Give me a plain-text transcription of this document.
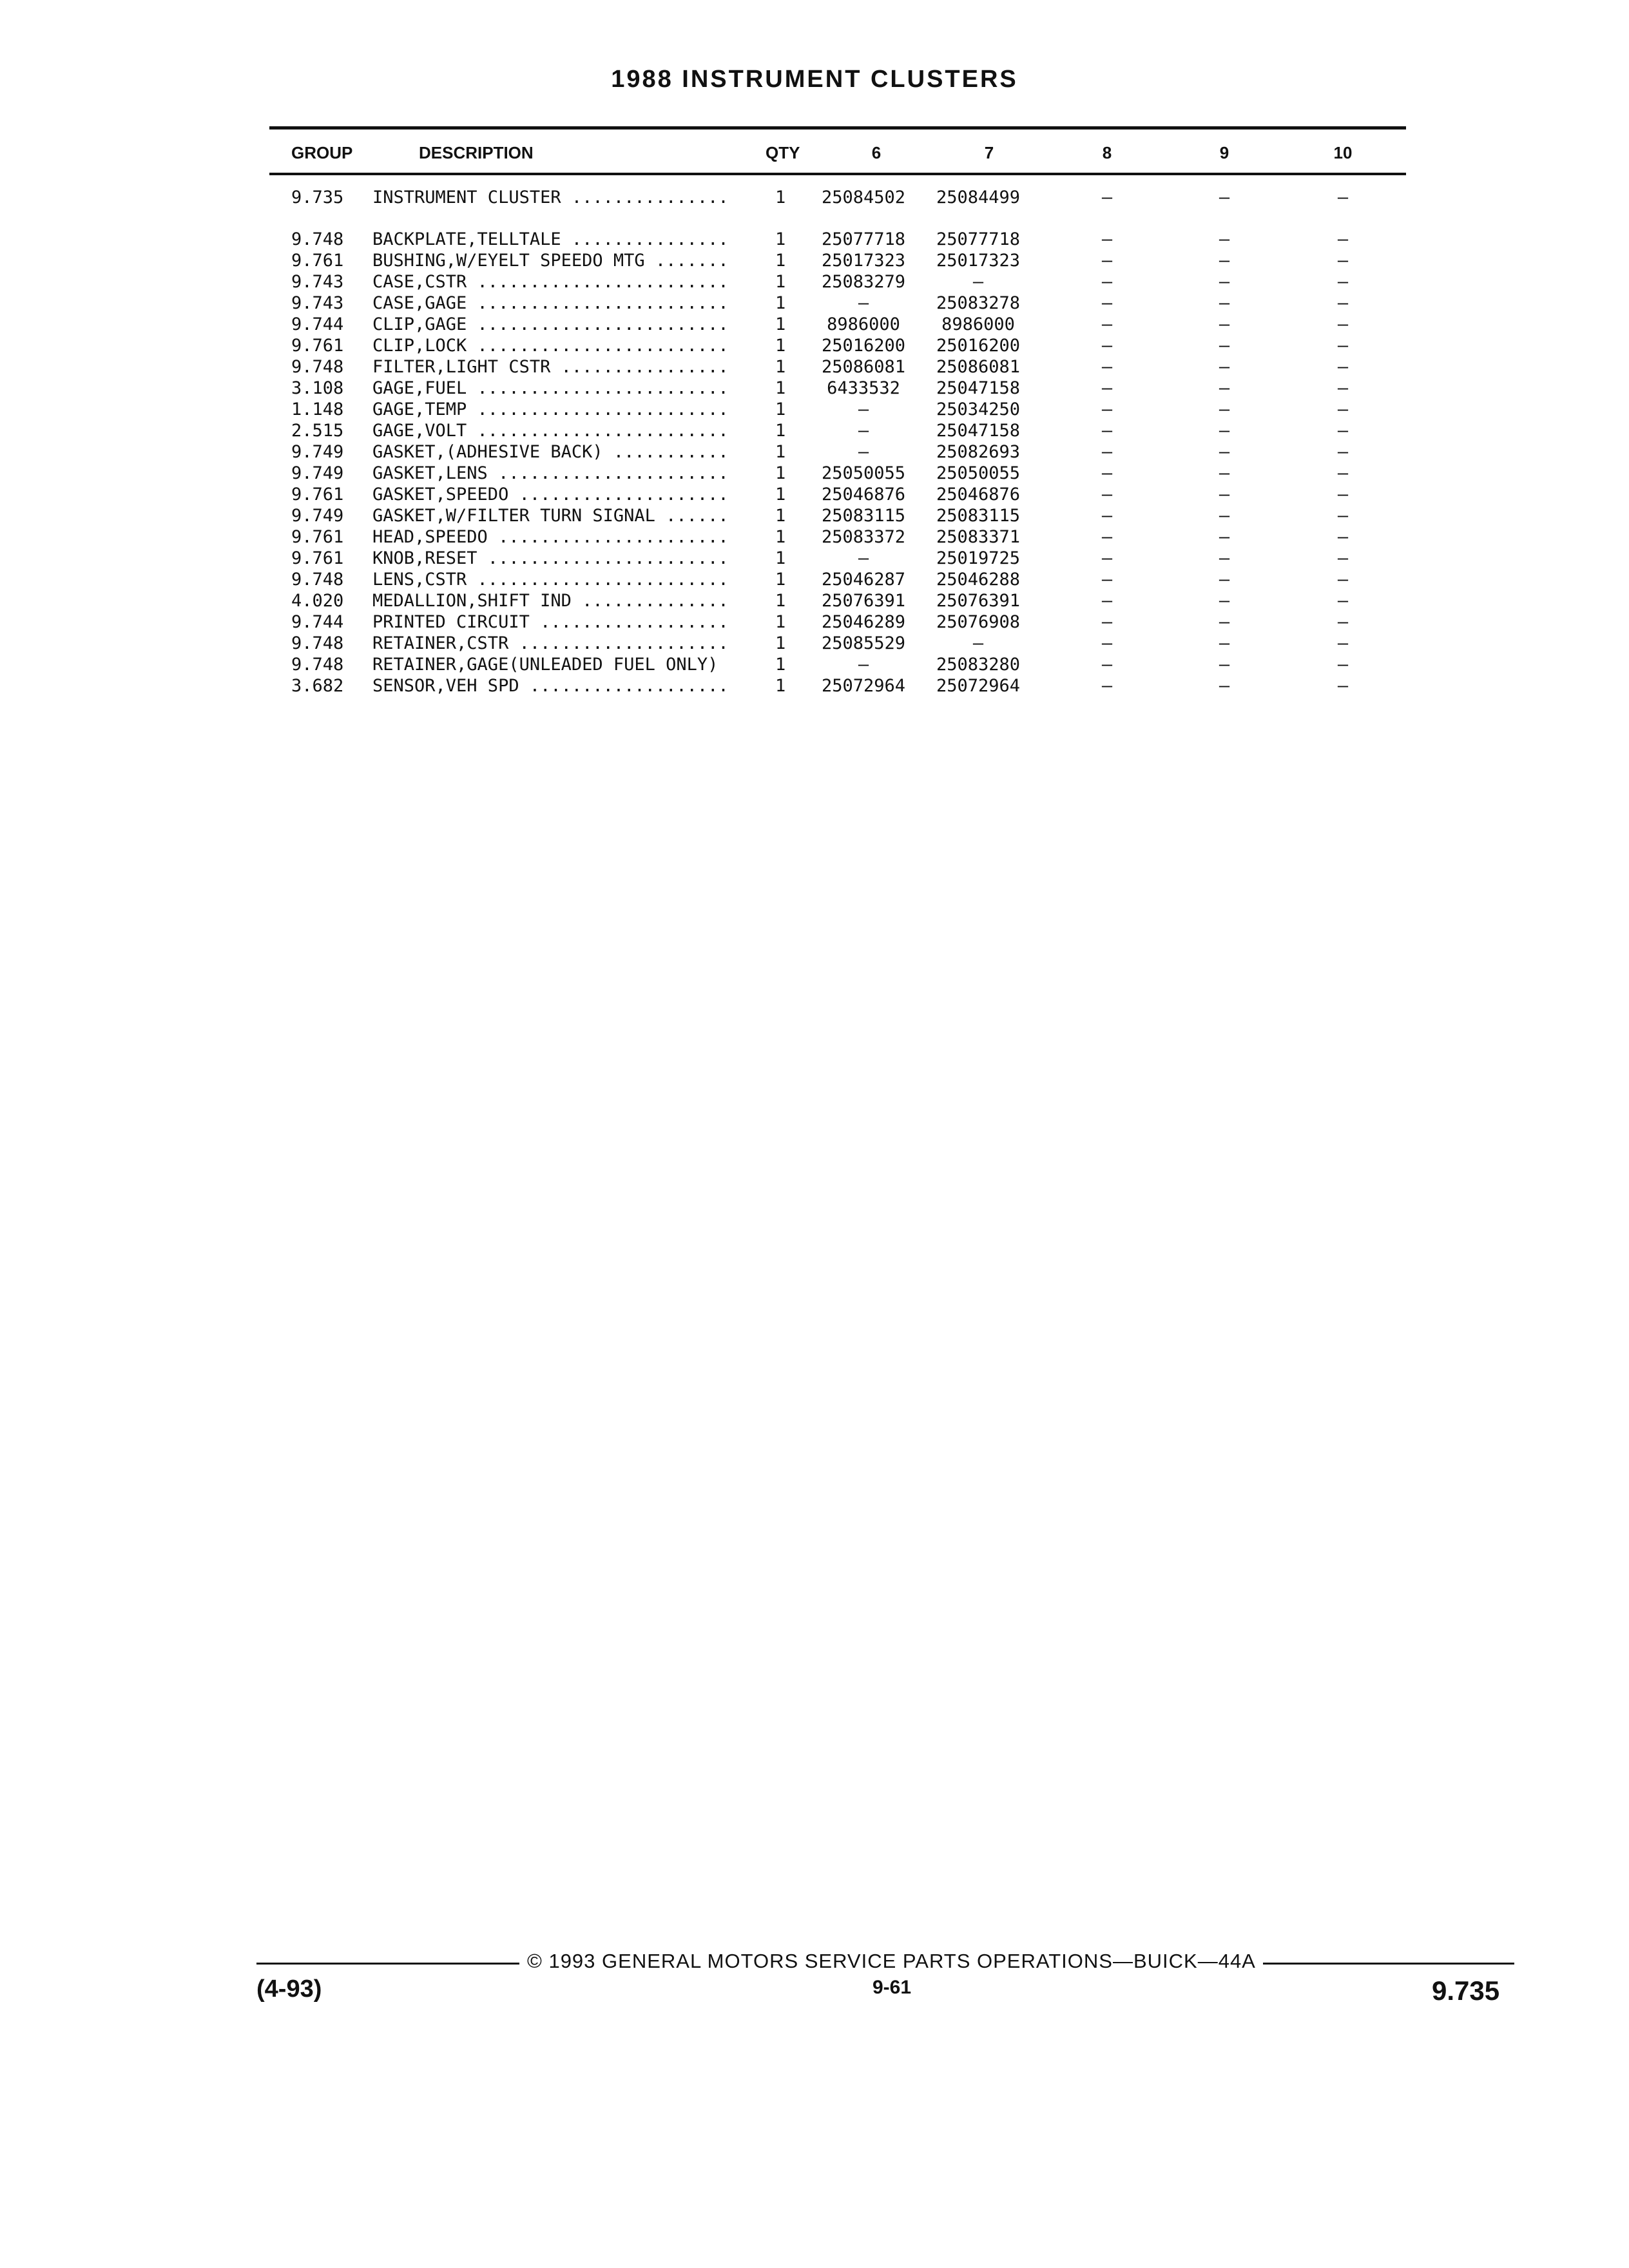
1988 INSTRUMENT CLUSTERS
GROUP	DESCRIPTION	QTY	6	7	8	9	10
9.735 INSTRUMENT CLUSTER ...............	1	25084502	25084499	—	—	—
9.748 BACKPLATE,TELLTALE ...............	1	25077718	25077718	—	—	—
9.761 BUSHING,W/EYELT SPEEDO MTG .......	1	25017323	25017323	—	—	—
9.743 CASE,CSTR ........................	1	25083279	—	—	—	—
9.743 CASE,GAGE ........................	1	—	25083278	—	—	—
9.744 CLIP,GAGE ........................	1	8986000	8986000	—	—	—
9.761 CLIP,LOCK ........................	1	25016200	25016200	—	—	—
9.748 FILTER,LIGHT CSTR ................	1	25086081	25086081	—	—	—
3.108 GAGE,FUEL ........................	1	6433532	25047158	—	—	—
1.148 GAGE,TEMP ........................	1	—	25034250	—	—	—
2.515 GAGE,VOLT ........................	1	—	25047158	—	—	—
9.749 GASKET,(ADHESIVE BACK) ...........	1	—	25082693	—	—	—
9.749 GASKET,LENS ......................	1	25050055	25050055	—	—	—
9.761 GASKET,SPEEDO ....................	1	25046876	25046876	—	—	—
9.749 GASKET,W/FILTER TURN SIGNAL ......	1	25083115	25083115	—	—	—
9.761 HEAD,SPEEDO ......................	1	25083372	25083371	—	—	—
9.761 KNOB,RESET .......................	1	—	25019725	—	—	—
9.748 LENS,CSTR ........................	1	25046287	25046288	—	—	—
4.020 MEDALLION,SHIFT IND ..............	1	25076391	25076391	—	—	—
9.744 PRINTED CIRCUIT ..................	1	25046289	25076908	—	—	—
9.748 RETAINER,CSTR ....................	1	25085529	—	—	—	—
9.748 RETAINER,GAGE(UNLEADED FUEL ONLY)	1	—	25083280	—	—	—
3.682 SENSOR,VEH SPD ...................	1	25072964	25072964	—	—	—
© 1993 GENERAL MOTORS SERVICE PARTS OPERATIONS—BUICK—44A
(4-93)	9-61	9.735
